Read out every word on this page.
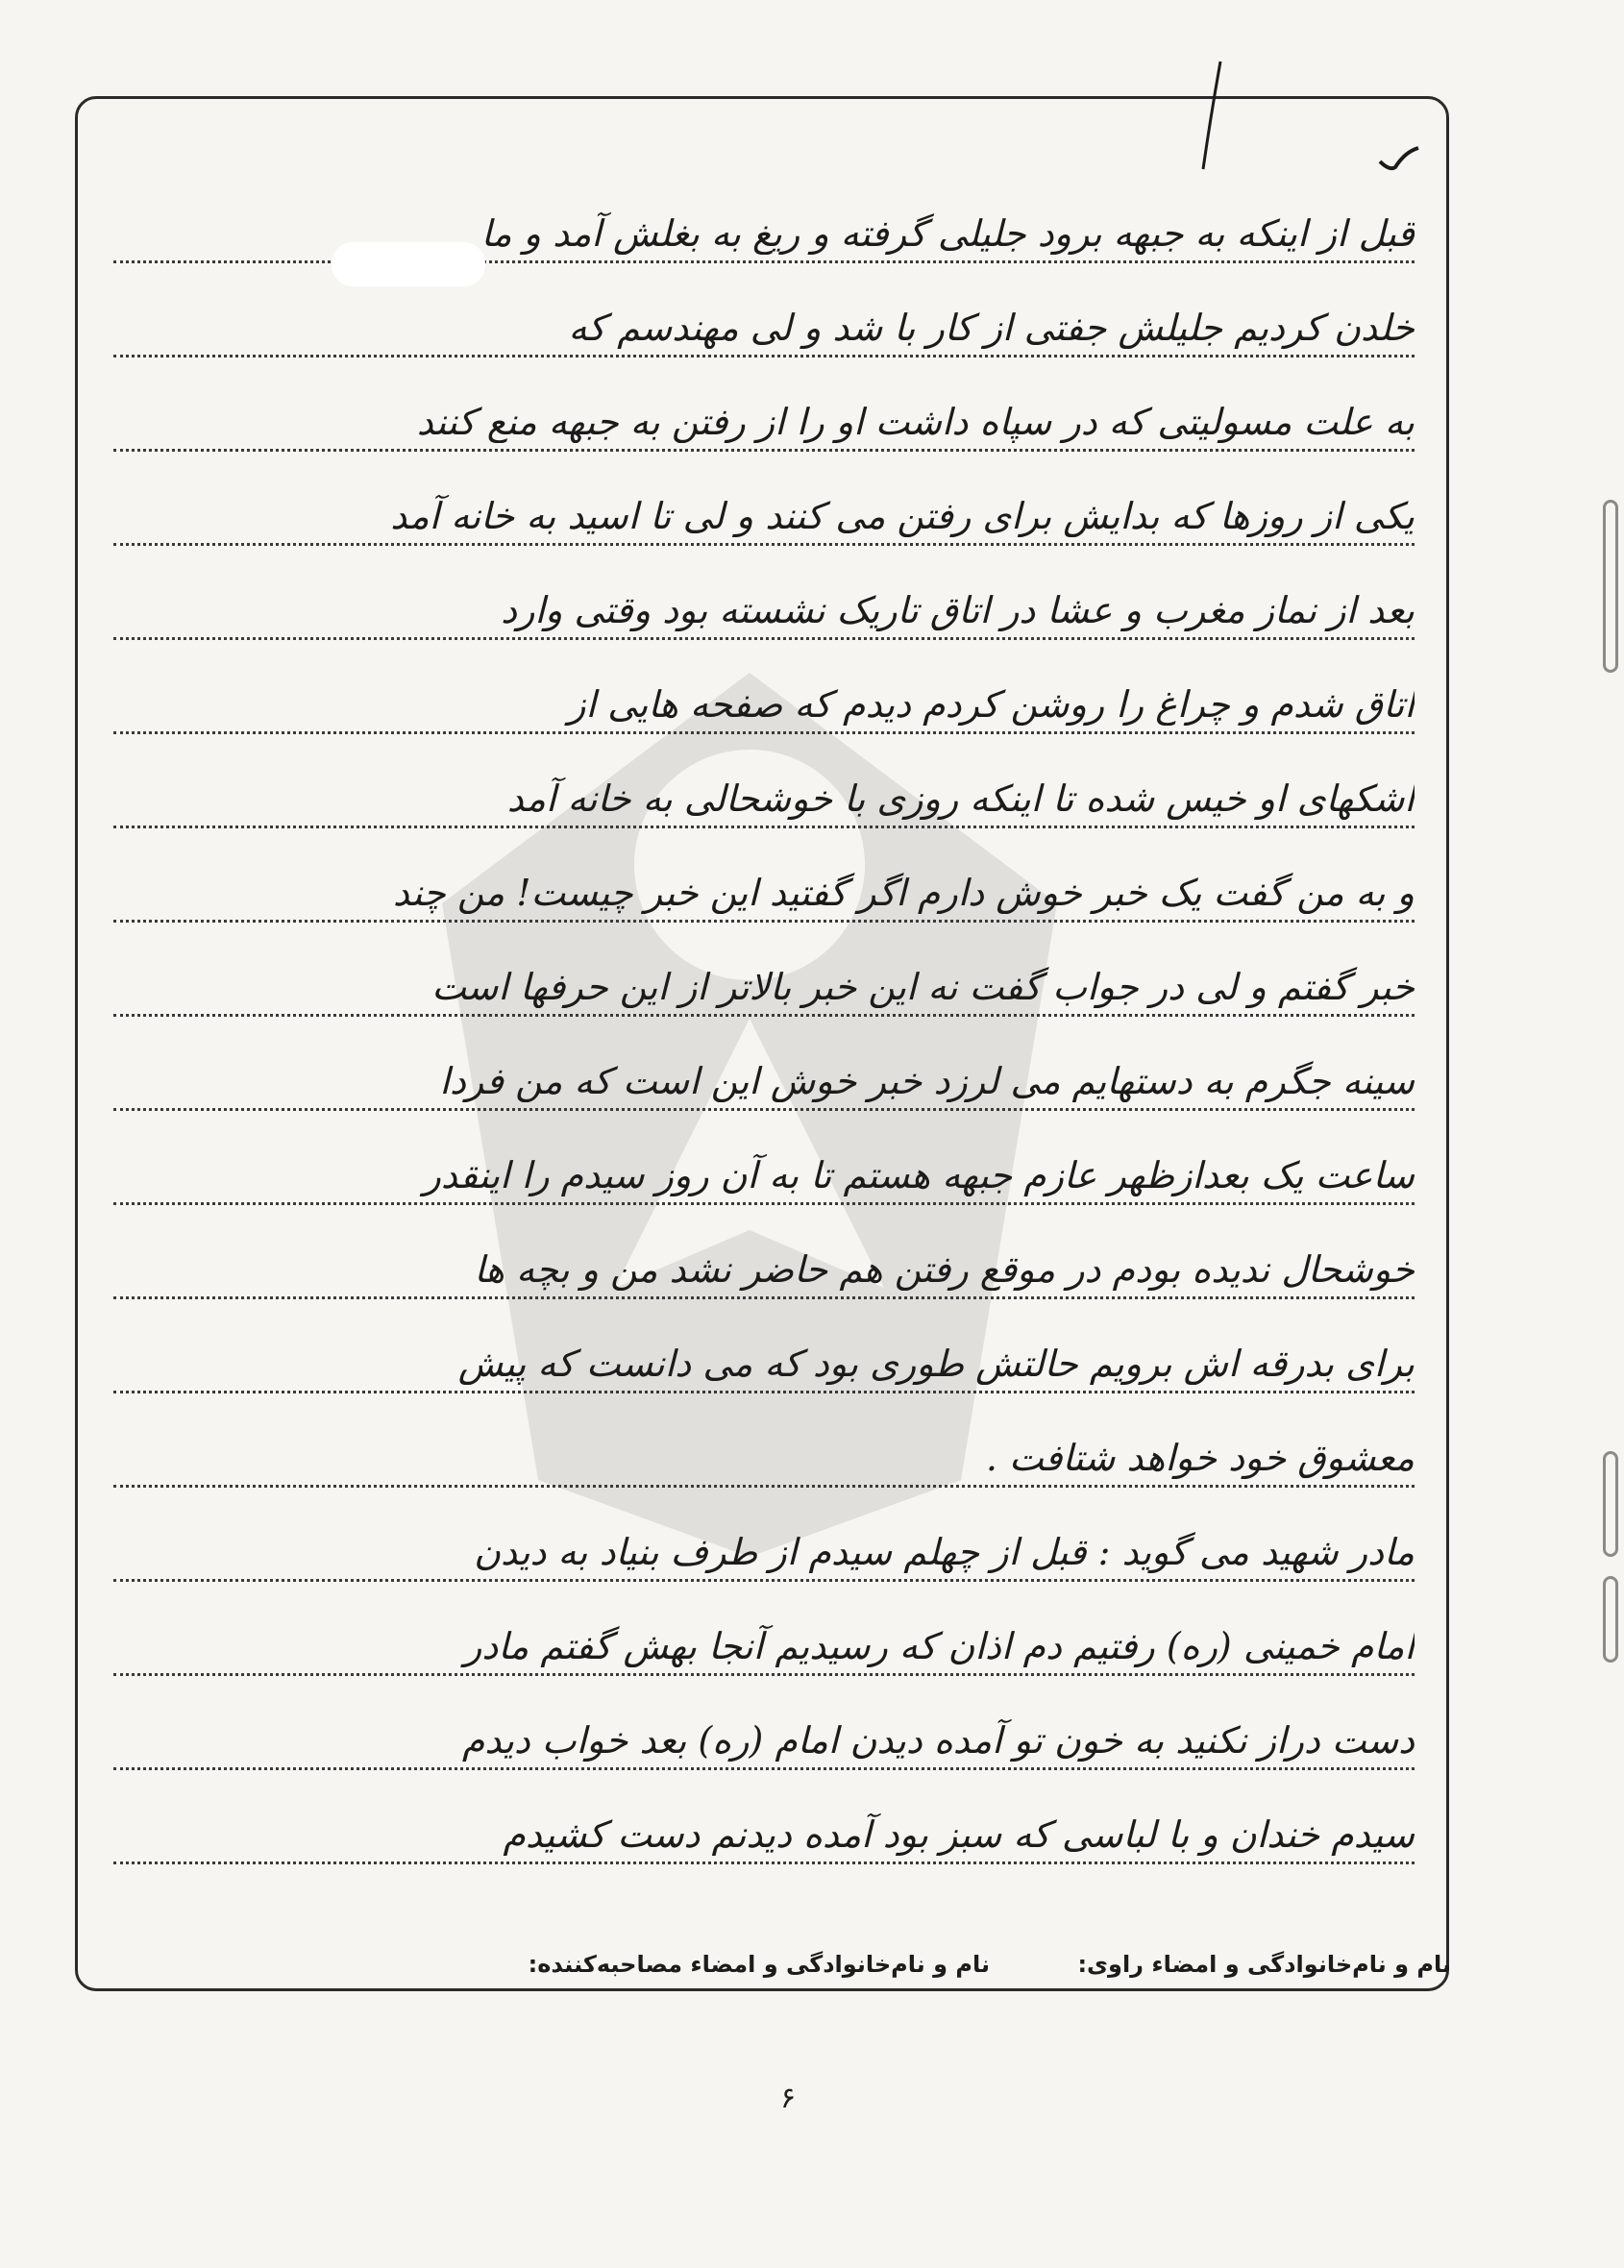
قبل از اینکه به جبهه برود جلیلی گرفته و ریغ به بغلش آمد و ما
خلدن کردیم جلیلش جفتی از کار با شد و لی مهندسم که
به علت مسولیتی که در سپاه داشت او را از رفتن به جبهه منع کنند
یکی از روزها که بدایش برای رفتن می کنند و لی تا اسید به خانه آمد
بعد از نماز مغرب و عشا در اتاق تاریک نشسته بود وقتی وارد
اتاق شدم و چراغ را روشن کردم دیدم که صفحه هایی از
اشکهای او خیس شده تا اینکه روزی با خوشحالی به خانه آمد
و به من گفت یک خبر خوش دارم اگر گفتید این خبر چیست! من چند
خبر گفتم و لی در جواب گفت نه این خبر بالاتر از این حرفها است
سینه جگرم به دستهایم می لرزد خبر خوش این است که من فردا
ساعت یک بعدازظهر عازم جبهه هستم تا به آن روز سیدم را اینقدر
خوشحال ندیده بودم در موقع رفتن هم حاضر نشد من و بچه ها
برای بدرقه اش برویم حالتش طوری بود که می دانست که پیش
معشوق خود خواهد شتافت .
مادر شهید می گوید : قبل از چهلم سیدم از طرف بنیاد به دیدن
امام خمینی (ره) رفتیم دم اذان که رسیدیم آنجا بهش گفتم مادر
دست دراز نکنید به خون تو آمده دیدن امام (ره) بعد خواب دیدم
سیدم خندان و با لباسی که سبز بود آمده دیدنم دست کشیدم
نام و نام‌خانوادگی و امضاء راوی:
نام و نام‌خانوادگی و امضاء مصاحبه‌کننده:
۶
